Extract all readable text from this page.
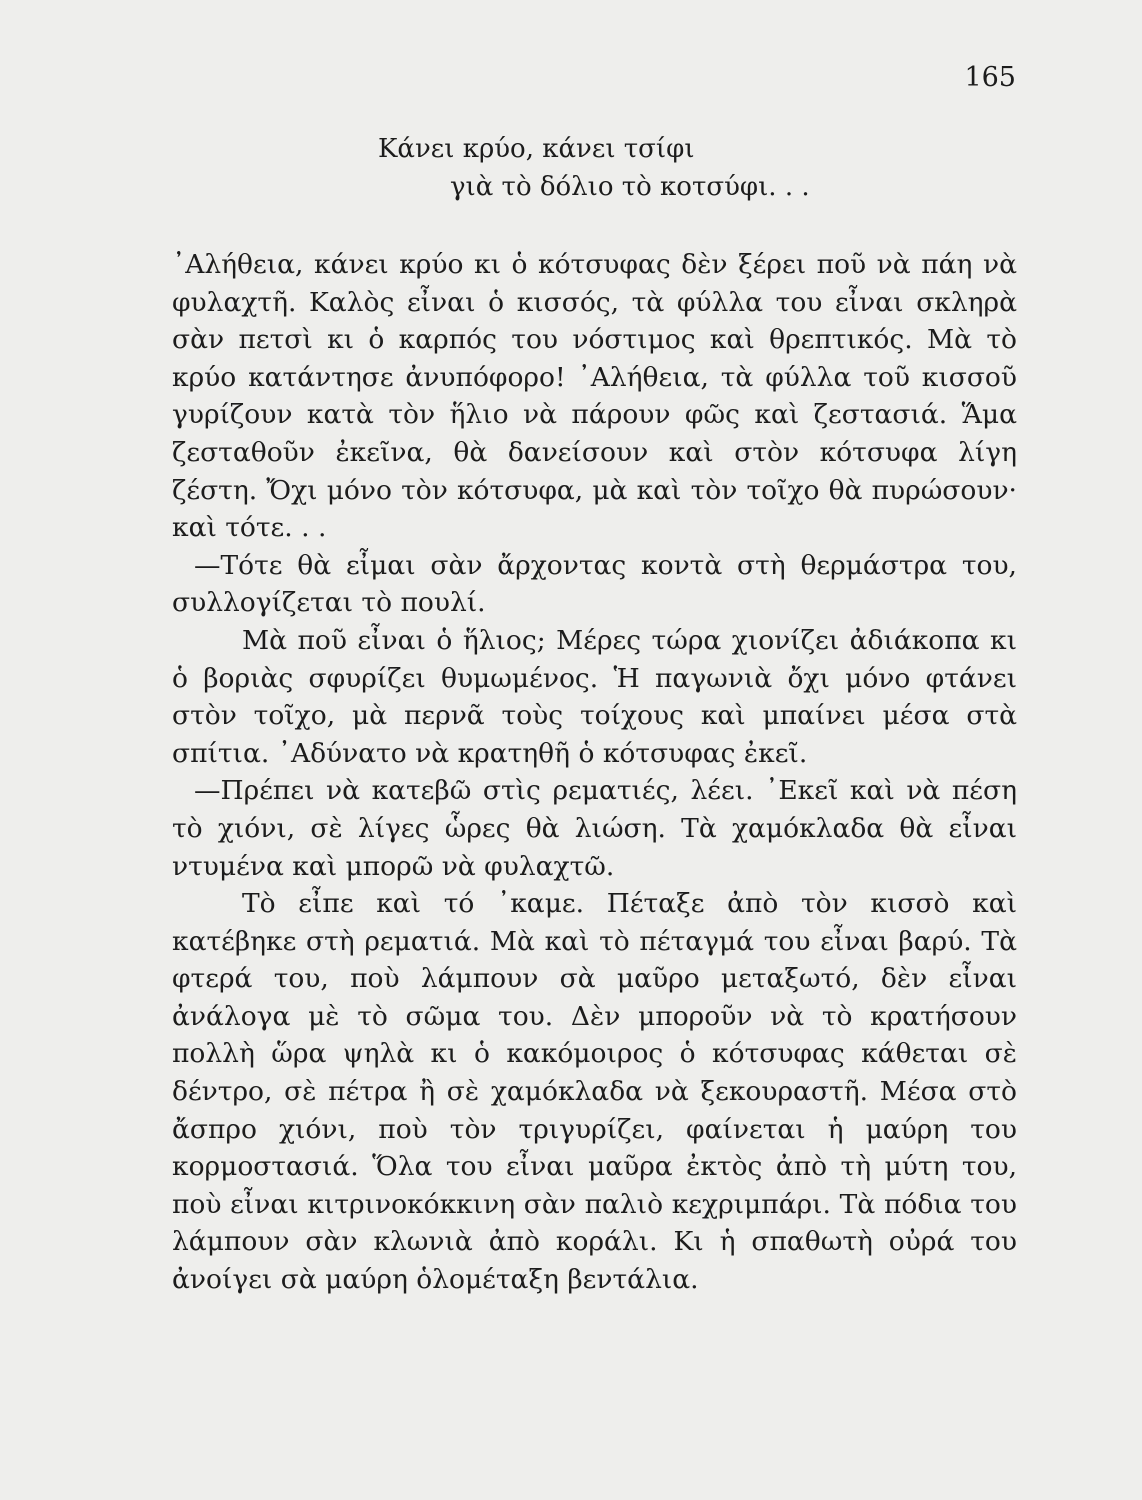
165
Κάνει κρύο, κάνει τσίφι
γιὰ τὸ δόλιο τὸ κοτσύφι. . .

᾿Αλήθεια, κάνει κρύο κι ὁ κότσυφας δὲν ξέρει ποῦ νὰ πάη νὰ φυλαχτῆ. Καλὸς εἶναι ὁ κισσός, τὰ φύλλα του εἶναι σκληρὰ σὰν πετσὶ κι ὁ καρπός του νόστιμος καὶ θρεπτικός. Μὰ τὸ κρύο κατάντησε ἀνυπόφορο! ᾿Αλήθεια, τὰ φύλλα τοῦ κισσοῦ γυρίζουν κατὰ τὸν ἥλιο νὰ πάρουν φῶς καὶ ζεστασιά. Ἅμα ζεσταθοῦν ἐκεῖνα, θὰ δανείσουν καὶ στὸν κότσυφα λίγη ζέστη. Ὄχι μόνο τὸν κότσυφα, μὰ καὶ τὸν τοῖχο θὰ πυρώσουν· καὶ τότε. . .

—Τότε θὰ εἶμαι σὰν ἄρχοντας κοντὰ στὴ θερμάστρα του, συλλογίζεται τὸ πουλί.

Μὰ ποῦ εἶναι ὁ ἥλιος; Μέρες τώρα χιονίζει ἀδιάκοπα κι ὁ βοριὰς σφυρίζει θυμωμένος. Ἡ παγωνιὰ ὄχι μόνο φτάνει στὸν τοῖχο, μὰ περνᾶ τοὺς τοίχους καὶ μπαίνει μέσα στὰ σπίτια. ᾿Αδύνατο νὰ κρατηθῆ ὁ κότσυφας ἐκεῖ.

—Πρέπει νὰ κατεβῶ στὶς ρεματιές, λέει. ᾿Εκεῖ καὶ νὰ πέση τὸ χιόνι, σὲ λίγες ὧρες θὰ λιώση. Τὰ χαμόκλαδα θὰ εἶναι ντυμένα καὶ μπορῶ νὰ φυλαχτῶ.

Τὸ εἶπε καὶ τό ᾽καμε. Πέταξε ἀπὸ τὸν κισσὸ καὶ κατέβηκε στὴ ρεματιά. Μὰ καὶ τὸ πέταγμά του εἶναι βαρύ. Τὰ φτερά του, ποὺ λάμπουν σὰ μαῦρο μεταξωτό, δὲν εἶναι ἀνάλογα μὲ τὸ σῶμα του. Δὲν μποροῦν νὰ τὸ κρατήσουν πολλὴ ὥρα ψηλὰ κι ὁ κακόμοιρος ὁ κότσυφας κάθεται σὲ δέντρο, σὲ πέτρα ἢ σὲ χαμόκλαδα νὰ ξεκουραστῆ. Μέσα στὸ ἄσπρο χιόνι, ποὺ τὸν τριγυρίζει, φαίνεται ἡ μαύρη του κορμοστασιά. Ὅλα του εἶναι μαῦρα ἐκτὸς ἀπὸ τὴ μύτη του, ποὺ εἶναι κιτρινοκόκκινη σὰν παλιὸ κεχριμπάρι. Τὰ πόδια του λάμπουν σὰν κλωνιὰ ἀπὸ κοράλι. Κι ἡ σπαθωτὴ οὐρά του ἀνοίγει σὰ μαύρη ὁλομέταξη βεντάλια.
